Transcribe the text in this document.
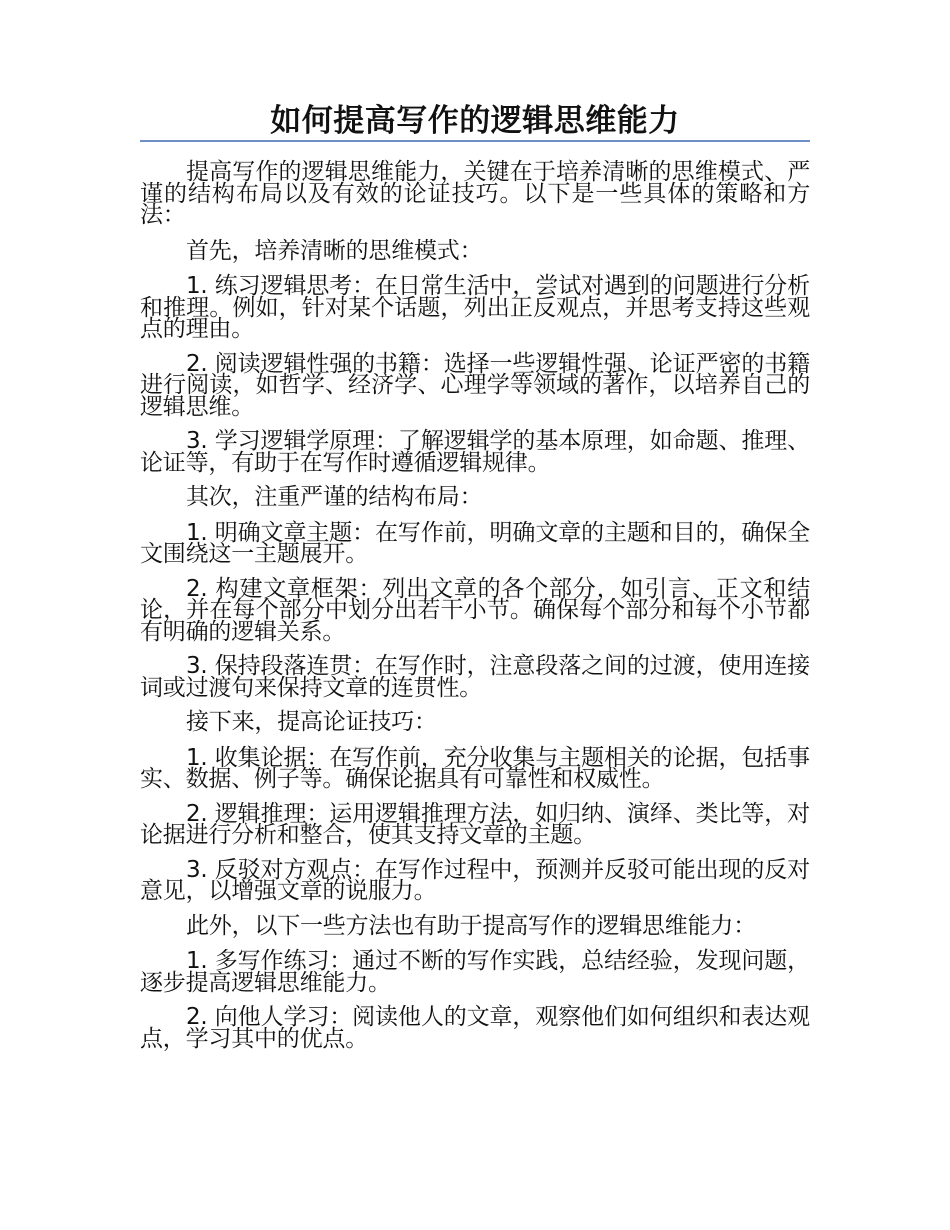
如何提高写作的逻辑思维能力

提高写作的逻辑思维能力，关键在于培养清晰的思维模式、严谨的结构布局以及有效的论证技巧。以下是一些具体的策略和方法：

首先，培养清晰的思维模式：

1. 练习逻辑思考：在日常生活中，尝试对遇到的问题进行分析和推理。例如，针对某个话题，列出正反观点，并思考支持这些观点的理由。

2. 阅读逻辑性强的书籍：选择一些逻辑性强、论证严密的书籍进行阅读，如哲学、经济学、心理学等领域的著作，以培养自己的逻辑思维。

3. 学习逻辑学原理：了解逻辑学的基本原理，如命题、推理、论证等，有助于在写作时遵循逻辑规律。

其次，注重严谨的结构布局：

1. 明确文章主题：在写作前，明确文章的主题和目的，确保全文围绕这一主题展开。

2. 构建文章框架：列出文章的各个部分，如引言、正文和结论，并在每个部分中划分出若干小节。确保每个部分和每个小节都有明确的逻辑关系。

3. 保持段落连贯：在写作时，注意段落之间的过渡，使用连接词或过渡句来保持文章的连贯性。

接下来，提高论证技巧：

1. 收集论据：在写作前，充分收集与主题相关的论据，包括事实、数据、例子等。确保论据具有可靠性和权威性。

2. 逻辑推理：运用逻辑推理方法，如归纳、演绎、类比等，对论据进行分析和整合，使其支持文章的主题。

3. 反驳对方观点：在写作过程中，预测并反驳可能出现的反对意见，以增强文章的说服力。

此外，以下一些方法也有助于提高写作的逻辑思维能力：

1. 多写作练习：通过不断的写作实践，总结经验，发现问题，逐步提高逻辑思维能力。

2. 向他人学习：阅读他人的文章，观察他们如何组织和表达观点，学习其中的优点。
